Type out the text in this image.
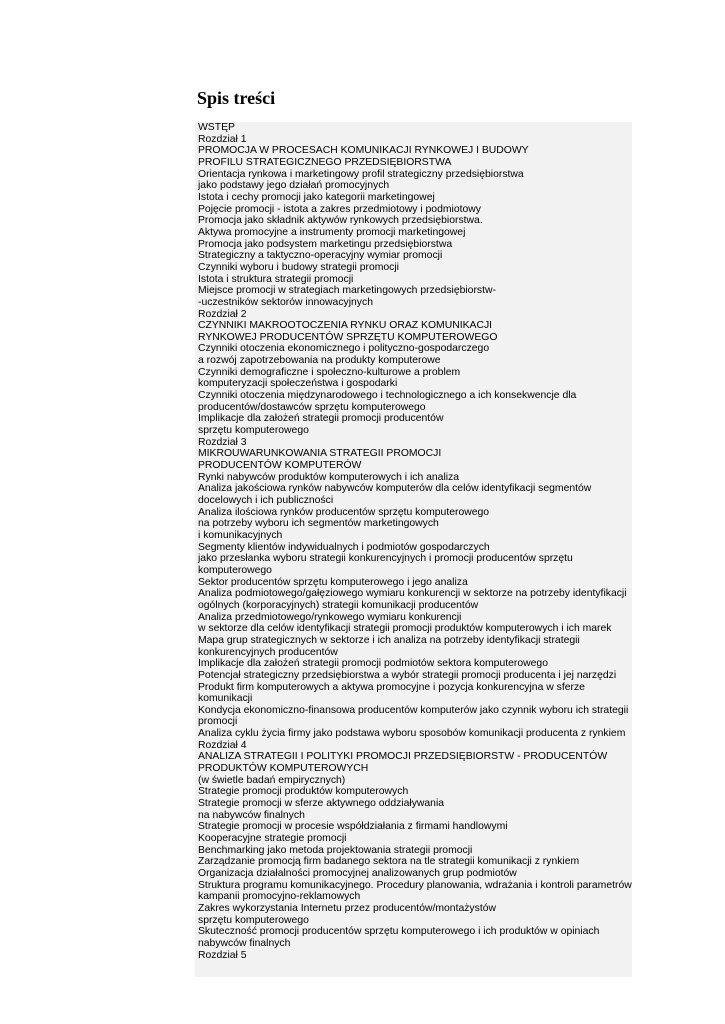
Spis treści
WSTĘP
Rozdział 1
PROMOCJA W PROCESACH KOMUNIKACJI RYNKOWEJ I BUDOWY
PROFILU STRATEGICZNEGO PRZEDSIĘBIORSTWA
Orientacja rynkowa i marketingowy profil strategiczny przedsiębiorstwa
jako podstawy jego działań promocyjnych
Istota i cechy promocji jako kategorii marketingowej
Pojęcie promocji - istota a zakres przedmiotowy i podmiotowy
Promocja jako składnik aktywów rynkowych przedsiębiorstwa.
Aktywa promocyjne a instrumenty promocji marketingowej
Promocja jako podsystem marketingu przedsiębiorstwa
Strategiczny a taktyczno-operacyjny wymiar promocji
Czynniki wyboru i budowy strategii promocji
Istota i struktura strategii promocji
Miejsce promocji w strategiach marketingowych przedsiębiorstw-
-uczestników sektorów innowacyjnych
Rozdział 2
CZYNNIKI MAKROOTOCZENIA RYNKU ORAZ KOMUNIKACJI
RYNKOWEJ PRODUCENTÓW SPRZĘTU KOMPUTEROWEGO
Czynniki otoczenia ekonomicznego i polityczno-gospodarczego
a rozwój zapotrzebowania na produkty komputerowe
Czynniki demograficzne i społeczno-kulturowe a problem
komputeryzacji społeczeństwa i gospodarki
Czynniki otoczenia międzynarodowego i technologicznego a ich konsekwencje dla
producentów/dostawców sprzętu komputerowego
Implikacje dla założeń strategii promocji producentów
sprzętu komputerowego
Rozdział 3
MIKROUWARUNKOWANIA STRATEGII PROMOCJI
PRODUCENTÓW KOMPUTERÓW
Rynki nabywców produktów komputerowych i ich analiza
Analiza jakościowa rynków nabywców komputerów dla celów identyfikacji segmentów
docelowych i ich publiczności
Analiza ilościowa rynków producentów sprzętu komputerowego
na potrzeby wyboru ich segmentów marketingowych
i komunikacyjnych
Segmenty klientów indywidualnych i podmiotów gospodarczych
jako przesłanka wyboru strategii konkurencyjnych i promocji producentów sprzętu
komputerowego
Sektor producentów sprzętu komputerowego i jego analiza
Analiza podmiotowego/gałęziowego wymiaru konkurencji w sektorze na potrzeby identyfikacji
ogólnych (korporacyjnych) strategii komunikacji producentów
Analiza przedmiotowego/rynkowego wymiaru konkurencji
w sektorze dla celów identyfikacji strategii promocji produktów komputerowych i ich marek
Mapa grup strategicznych w sektorze i ich analiza na potrzeby identyfikacji strategii
konkurencyjnych producentów
Implikacje dla założeń strategii promocji podmiotów sektora komputerowego
Potencjał strategiczny przedsiębiorstwa a wybór strategii promocji producenta i jej narzędzi
Produkt firm komputerowych a aktywa promocyjne i pozycja konkurencyjna w sferze
komunikacji
Kondycja ekonomiczno-finansowa producentów komputerów jako czynnik wyboru ich strategii
promocji
Analiza cyklu życia firmy jako podstawa wyboru sposobów komunikacji producenta z rynkiem
Rozdział 4
ANALIZA STRATEGII I POLITYKI PROMOCJI PRZEDSIĘBIORSTW - PRODUCENTÓW
PRODUKTÓW KOMPUTEROWYCH
(w świetle badań empirycznych)
Strategie promocji produktów komputerowych
Strategie promocji w sferze aktywnego oddziaływania
na nabywców finalnych
Strategie promocji w procesie współdziałania z firmami handlowymi
Kooperacyjne strategie promocji
Benchmarking jako metoda projektowania strategii promocji
Zarządzanie promocją firm badanego sektora na tle strategii komunikacji z rynkiem
Organizacja działalności promocyjnej analizowanych grup podmiotów
Struktura programu komunikacyjnego. Procedury planowania, wdrażania i kontroli parametrów
kampanii promocyjno-reklamowych
Zakres wykorzystania Internetu przez producentów/montażystów
sprzętu komputerowego
Skuteczność promocji producentów sprzętu komputerowego i ich produktów w opiniach
nabywców finalnych
Rozdział 5
